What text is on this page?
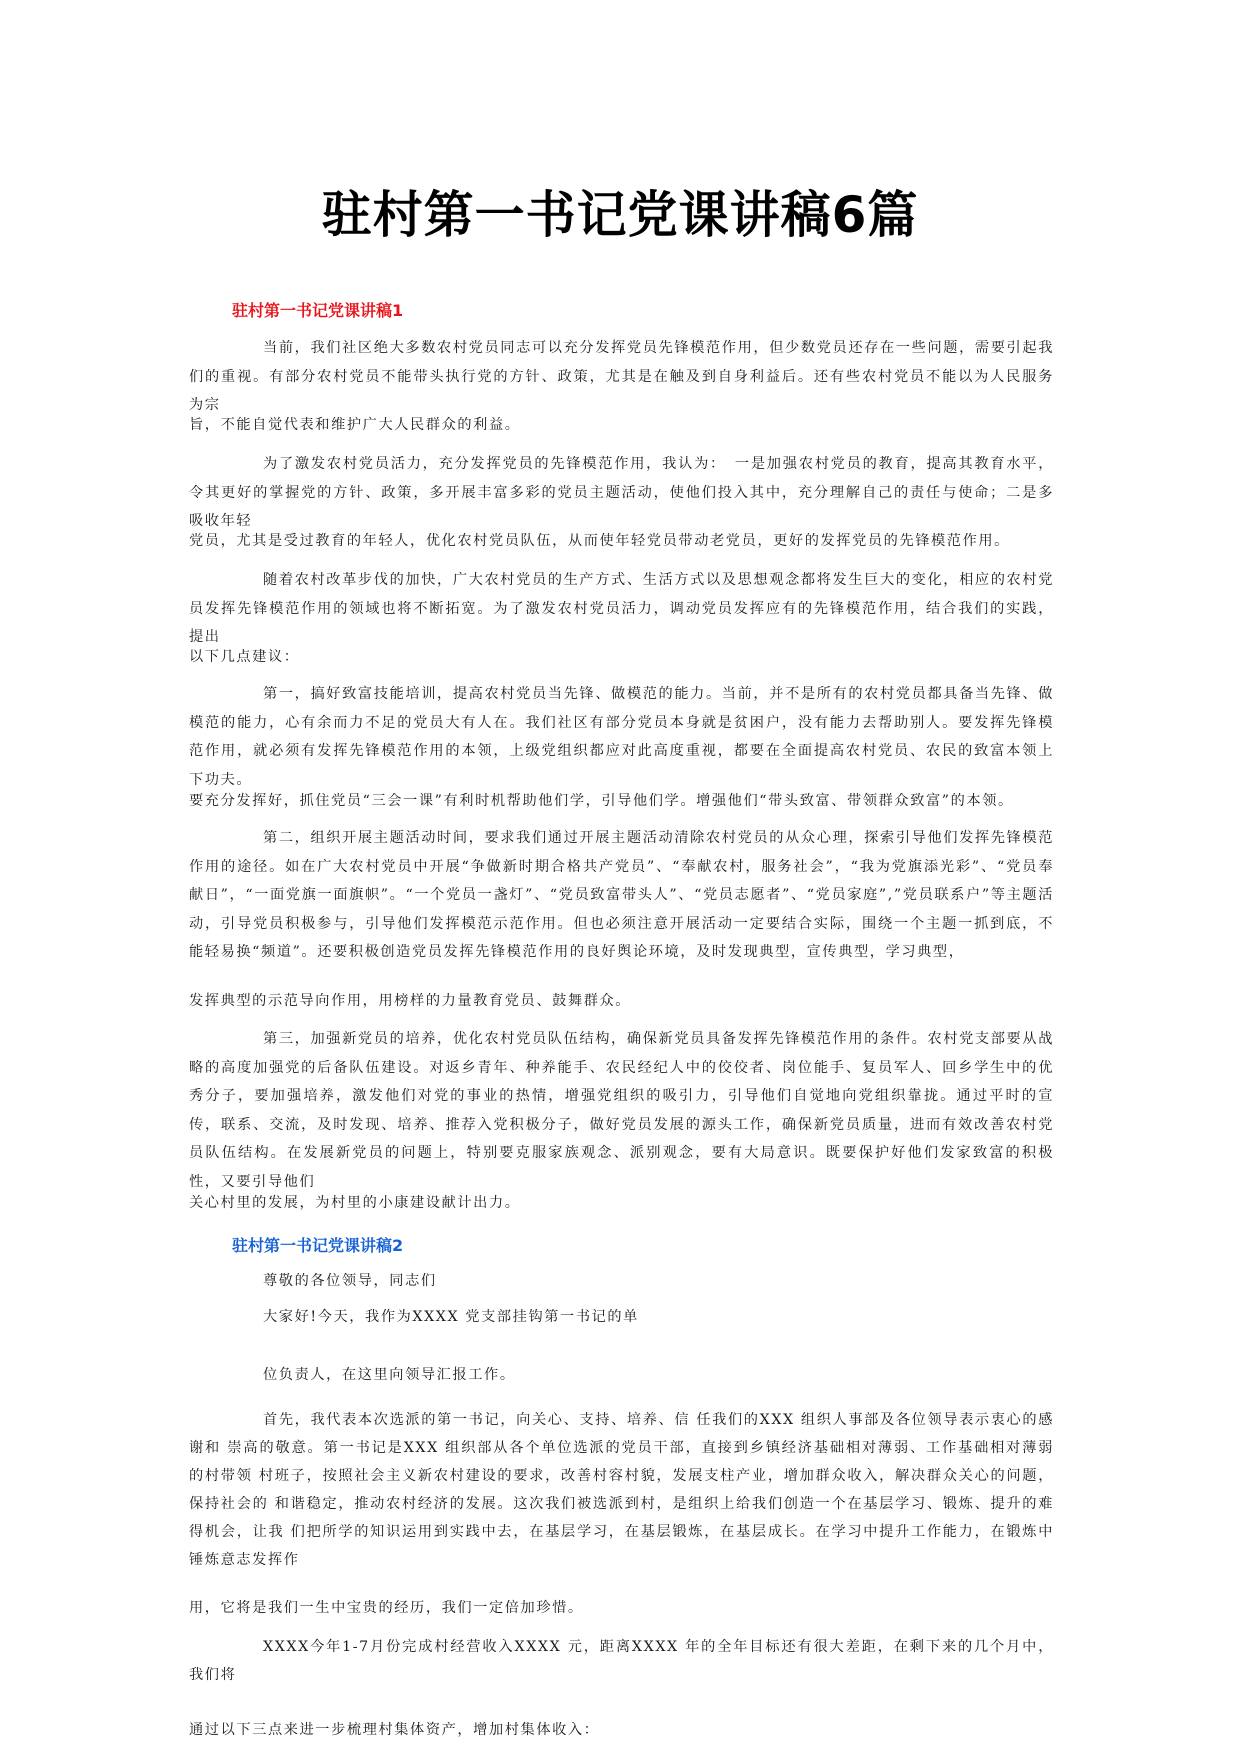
驻村第一书记党课讲稿6篇
驻村第一书记党课讲稿1
当前，我们社区绝大多数农村党员同志可以充分发挥党员先锋模范作用，但少数党员还存在一些问题，需要引起我们的重视。有部分农村党员不能带头执行党的方针、政策，尤其是在触及到自身利益后。还有些农村党员不能以为人民服务为宗
旨，不能自觉代表和维护广大人民群众的利益。
为了激发农村党员活力，充分发挥党员的先锋模范作用，我认为：　一是加强农村党员的教育，提高其教育水平，令其更好的掌握党的方针、政策，多开展丰富多彩的党员主题活动，使他们投入其中，充分理解自己的责任与使命；二是多吸收年轻
党员，尤其是受过教育的年轻人，优化农村党员队伍，从而使年轻党员带动老党员，更好的发挥党员的先锋模范作用。
随着农村改革步伐的加快，广大农村党员的生产方式、生活方式以及思想观念都将发生巨大的变化，相应的农村党员发挥先锋模范作用的领域也将不断拓宽。为了激发农村党员活力，调动党员发挥应有的先锋模范作用，结合我们的实践，提出
以下几点建议：
第一，搞好致富技能培训，提高农村党员当先锋、做模范的能力。当前，并不是所有的农村党员都具备当先锋、做模范的能力，心有余而力不足的党员大有人在。我们社区有部分党员本身就是贫困户，没有能力去帮助别人。要发挥先锋模范作用，就必须有发挥先锋模范作用的本领，上级党组织都应对此高度重视，都要在全面提高农村党员、农民的致富本领上下功夫。
要充分发挥好，抓住党员“三会一课”有利时机帮助他们学，引导他们学。增强他们“带头致富、带领群众致富”的本领。
第二，组织开展主题活动时间，要求我们通过开展主题活动清除农村党员的从众心理，探索引导他们发挥先锋模范作用的途径。如在广大农村党员中开展“争做新时期合格共产党员”、“奉献农村，服务社会”，“我为党旗添光彩”、“党员奉献日”，“一面党旗一面旗帜”。“一个党员一盏灯”、“党员致富带头人”、“党员志愿者”、“党员家庭”,”党员联系户”等主题活动，引导党员积极参与，引导他们发挥模范示范作用。但也必须注意开展活动一定要结合实际，围绕一个主题一抓到底，不能轻易换“频道”。还要积极创造党员发挥先锋模范作用的良好舆论环境，及时发现典型，宣传典型，学习典型，
发挥典型的示范导向作用，用榜样的力量教育党员、鼓舞群众。
第三，加强新党员的培养，优化农村党员队伍结构，确保新党员具备发挥先锋模范作用的条件。农村党支部要从战略的高度加强党的后备队伍建设。对返乡青年、种养能手、农民经纪人中的佼佼者、岗位能手、复员军人、回乡学生中的优秀分子，要加强培养，激发他们对党的事业的热情，增强党组织的吸引力，引导他们自觉地向党组织靠拢。通过平时的宣传，联系、交流，及时发现、培养、推荐入党积极分子，做好党员发展的源头工作，确保新党员质量，进而有效改善农村党员队伍结构。在发展新党员的问题上，特别要克服家族观念、派别观念，要有大局意识。既要保护好他们发家致富的积极性，又要引导他们
关心村里的发展，为村里的小康建设献计出力。
驻村第一书记党课讲稿2
尊敬的各位领导，同志们
大家好!今天，我作为XXXX 党支部挂钩第一书记的单
位负责人，在这里向领导汇报工作。
首先，我代表本次选派的第一书记，向关心、支持、培养、信 任我们的XXX 组织人事部及各位领导表示衷心的感谢和 崇高的敬意。第一书记是XXX 组织部从各个单位选派的党员干部，直接到乡镇经济基础相对薄弱、工作基础相对薄弱的村带领 村班子，按照社会主义新农村建设的要求，改善村容村貌，发展支柱产业，增加群众收入，解决群众关心的问题，保持社会的 和谐稳定，推动农村经济的发展。这次我们被选派到村，是组织上给我们创造一个在基层学习、锻炼、提升的难得机会，让我 们把所学的知识运用到实践中去，在基层学习，在基层锻炼，在基层成长。在学习中提升工作能力，在锻炼中锤炼意志发挥作
用，它将是我们一生中宝贵的经历，我们一定倍加珍惜。
XXXX今年1-7月份完成村经营收入XXXX 元，距离XXXX 年的全年目标还有很大差距，在剩下来的几个月中，我们将
通过以下三点来进一步梳理村集体资产，增加村集体收入：
